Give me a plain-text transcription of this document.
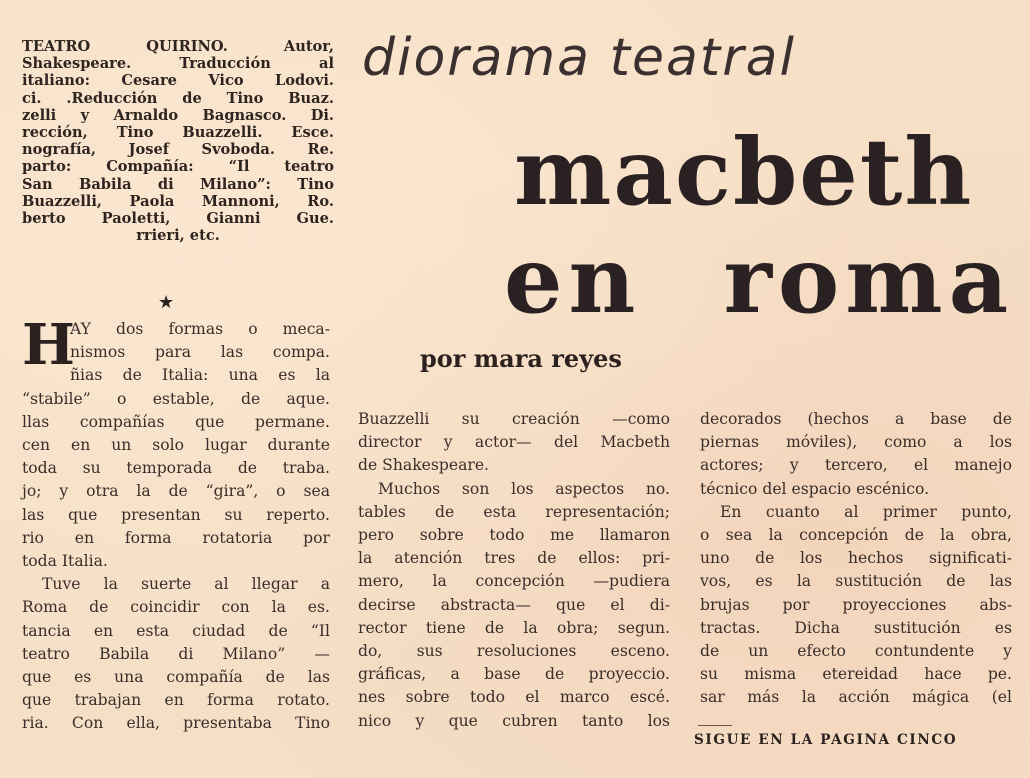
TEATRO QUIRINO. Autor,
Shakespeare. Traducción al
italiano: Cesare Vico Lodovi.
ci. .Reducción de Tino Buaz.
zelli y Arnaldo Bagnasco. Di.
rección, Tino Buazzelli. Esce.
nografía, Josef Svoboda. Re.
parto: Compañía: “Il teatro
San Babila di Milano”: Tino
Buazzelli, Paola Mannoni, Ro.
berto Paoletti, Gianni Gue.
rrieri, etc.
★
diorama teatral
macbeth
en roma
por mara reyes
H
AY dos formas o meca-
nismos para las compa.
ñias de Italia: una es la
“stabile” o estable, de aque.
llas compañías que permane.
cen en un solo lugar durante
toda su temporada de traba.
jo; y otra la de “gira”, o sea
las que presentan su reperto.
rio en forma rotatoria por
toda Italia.
Tuve la suerte al llegar a
Roma de coincidir con la es.
tancia en esta ciudad de “Il
teatro Babila di Milano” —
que es una compañía de las
que trabajan en forma rotato.
ria. Con ella, presentaba Tino
Buazzelli su creación —como
director y actor— del Macbeth
de Shakespeare.
Muchos son los aspectos no.
tables de esta representación;
pero sobre todo me llamaron
la atención tres de ellos: pri-
mero, la concepción —pudiera
decirse abstracta— que el di-
rector tiene de la obra; segun.
do, sus resoluciones esceno.
gráficas, a base de proyeccio.
nes sobre todo el marco escé.
nico y que cubren tanto los
decorados (hechos a base de
piernas móviles), como a los
actores; y tercero, el manejo
técnico del espacio escénico.
En cuanto al primer punto,
o sea la concepción de la obra,
uno de los hechos significati-
vos, es la sustitución de las
brujas por proyecciones abs-
tractas. Dicha sustitución es
de un efecto contundente y
su misma etereidad hace pe.
sar más la acción mágica (el
SIGUE EN LA PAGINA CINCO
